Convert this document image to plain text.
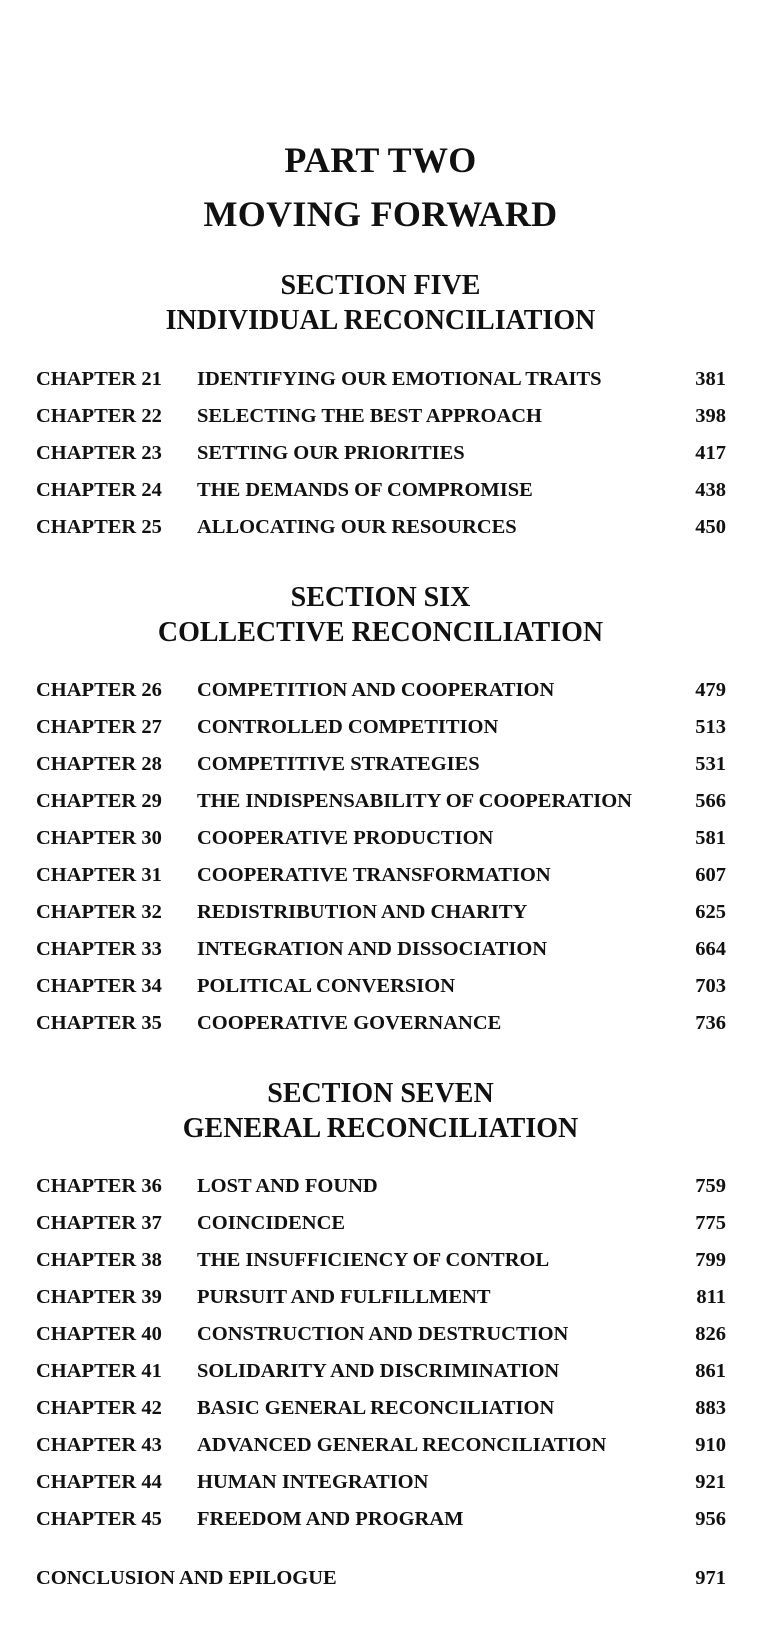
PART TWO
MOVING FORWARD
SECTION FIVE
INDIVIDUAL RECONCILIATION
CHAPTER 21 IDENTIFYING OUR EMOTIONAL TRAITS	381
CHAPTER 22 SELECTING THE BEST APPROACH	398
CHAPTER 23 SETTING OUR PRIORITIES	417
CHAPTER 24 THE DEMANDS OF COMPROMISE	438
CHAPTER 25 ALLOCATING OUR RESOURCES	450
SECTION SIX
COLLECTIVE RECONCILIATION
CHAPTER 26 COMPETITION AND COOPERATION	479
CHAPTER 27 CONTROLLED COMPETITION	513
CHAPTER 28 COMPETITIVE STRATEGIES	531
CHAPTER 29 THE INDISPENSABILITY OF COOPERATION	566
CHAPTER 30 COOPERATIVE PRODUCTION	581
CHAPTER 31 COOPERATIVE TRANSFORMATION	607
CHAPTER 32 REDISTRIBUTION AND CHARITY	625
CHAPTER 33 INTEGRATION AND DISSOCIATION	664
CHAPTER 34 POLITICAL CONVERSION	703
CHAPTER 35 COOPERATIVE GOVERNANCE	736
SECTION SEVEN
GENERAL RECONCILIATION
CHAPTER 36 LOST AND FOUND	759
CHAPTER 37 COINCIDENCE	775
CHAPTER 38 THE INSUFFICIENCY OF CONTROL	799
CHAPTER 39 PURSUIT AND FULFILLMENT	811
CHAPTER 40 CONSTRUCTION AND DESTRUCTION	826
CHAPTER 41 SOLIDARITY AND DISCRIMINATION	861
CHAPTER 42 BASIC GENERAL RECONCILIATION	883
CHAPTER 43 ADVANCED GENERAL RECONCILIATION	910
CHAPTER 44 HUMAN INTEGRATION	921
CHAPTER 45 FREEDOM AND PROGRAM	956
CONCLUSION AND EPILOGUE	971
